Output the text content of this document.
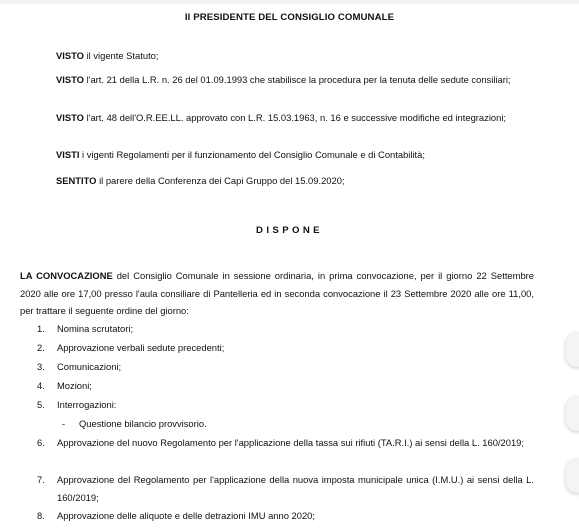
Il PRESIDENTE DEL CONSIGLIO COMUNALE
VISTO il vigente Statuto;
VISTO l'art. 21 della L.R. n. 26 del 01.09.1993 che stabilisce la procedura per la tenuta delle sedute consiliari;
VISTO l'art. 48 dell'O.R.EE.LL. approvato con L.R. 15.03.1963, n. 16 e successive modifiche ed integrazioni;
VISTI i vigenti Regolamenti per il funzionamento del Consiglio Comunale e di Contabilità;
SENTITO il parere della Conferenza dei Capi Gruppo del 15.09.2020;
DISPONE
LA CONVOCAZIONE del Consiglio Comunale in sessione ordinaria, in prima convocazione, per il giorno 22 Settembre 2020 alle ore 17,00 presso l'aula consiliare di Pantelleria ed in seconda convocazione il 23 Settembre 2020 alle ore 11,00, per trattare il seguente ordine del giorno:
1. Nomina scrutatori;
2. Approvazione verbali sedute precedenti;
3. Comunicazioni;
4. Mozioni;
5. Interrogazioni:
- Questione bilancio provvisorio.
6. Approvazione del nuovo Regolamento per l'applicazione della tassa sui rifiuti (TA.R.I.) ai sensi della L. 160/2019;
7. Approvazione del Regolamento per l'applicazione della nuova imposta municipale unica (I.M.U.) ai sensi della L. 160/2019;
8. Approvazione delle aliquote e delle detrazioni IMU anno 2020;
